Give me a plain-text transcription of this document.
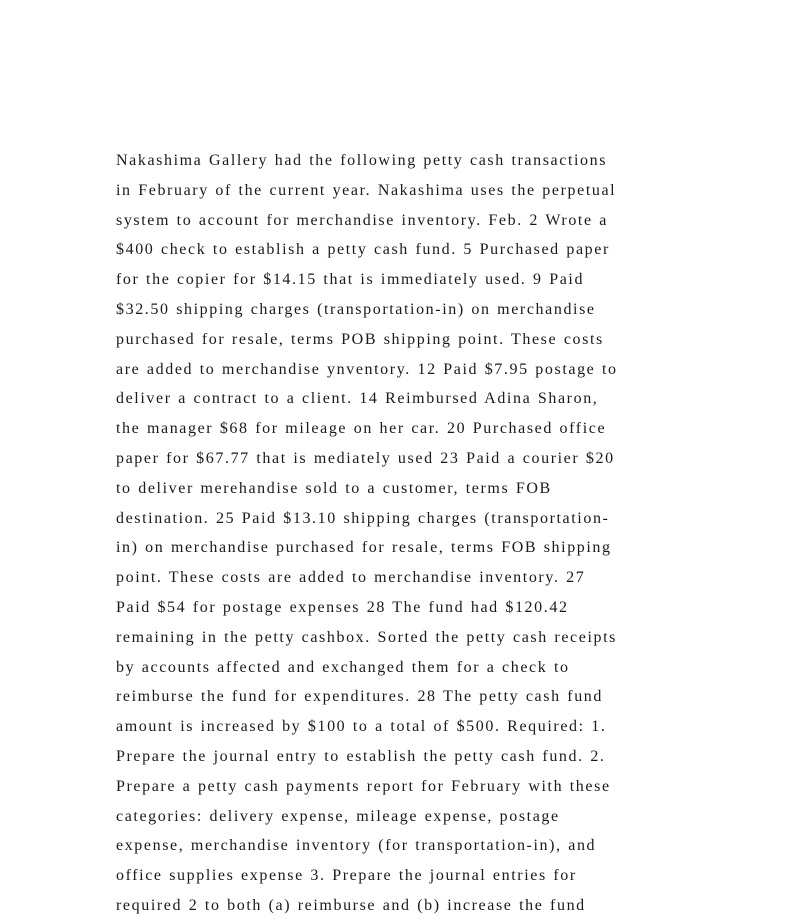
Nakashima Gallery had the following petty cash transactions
in February of the current year. Nakashima uses the perpetual
system to account for merchandise inventory. Feb. 2 Wrote a
$400 check to establish a petty cash fund. 5 Purchased paper
for the copier for $14.15 that is immediately used. 9 Paid
$32.50 shipping charges (transportation-in) on merchandise
purchased for resale, terms POB shipping point. These costs
are added to merchandise ynventory. 12 Paid $7.95 postage to
deliver a contract to a client. 14 Reimbursed Adina Sharon,
the manager $68 for mileage on her car. 20 Purchased office
paper for $67.77 that is mediately used 23 Paid a courier $20
to deliver merehandise sold to a customer, terms FOB
destination. 25 Paid $13.10 shipping charges (transportation-
in) on merchandise purchased for resale, terms FOB shipping
point. These costs are added to merchandise inventory. 27
Paid $54 for postage expenses 28 The fund had $120.42
remaining in the petty cashbox. Sorted the petty cash receipts
by accounts affected and exchanged them for a check to
reimburse the fund for expenditures. 28 The petty cash fund
amount is increased by $100 to a total of $500. Required: 1.
Prepare the journal entry to establish the petty cash fund. 2.
Prepare a petty cash payments report for February with these
categories: delivery expense, mileage expense, postage
expense, merchandise inventory (for transportation-in), and
office supplies expense 3. Prepare the journal entries for
required 2 to both (a) reimburse and (b) increase the fund
